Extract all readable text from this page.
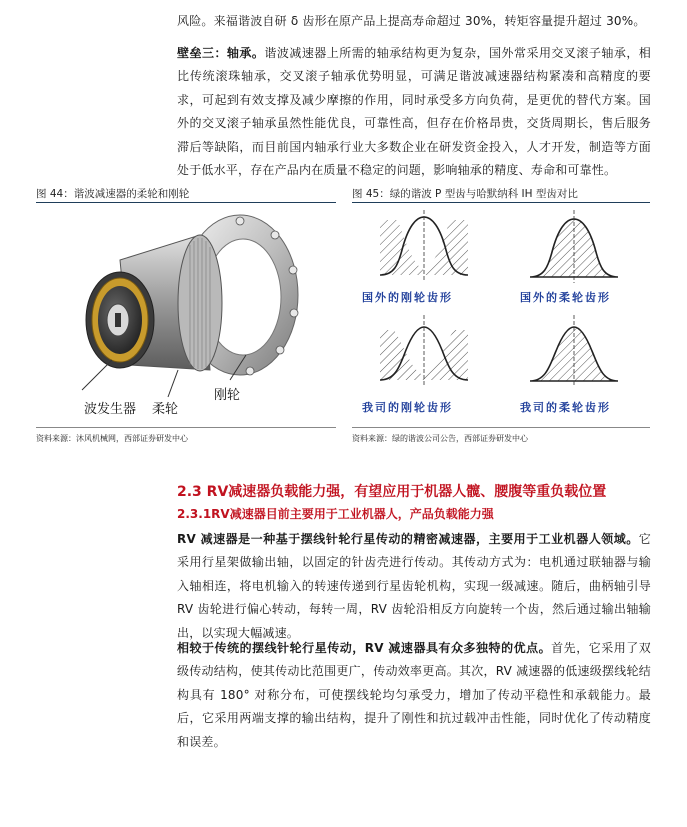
风险。来福谐波自研 δ 齿形在原产品上提高寿命超过 30%，转矩容量提升超过 30%。

壁垒三：轴承。谐波减速器上所需的轴承结构更为复杂，国外常采用交叉滚子轴承，相比传统滚珠轴承，交叉滚子轴承优势明显，可满足谐波减速器结构紧凑和高精度的要求，可起到有效支撑及减少摩擦的作用，同时承受多方向负荷，是更优的替代方案。国外的交叉滚子轴承虽然性能优良，可靠性高，但存在价格昂贵，交货周期长，售后服务滞后等缺陷，而目前国内轴承行业大多数企业在研发资金投入，人才开发，制造等方面处于低水平，存在产品内在质量不稳定的问题，影响轴承的精度、寿命和可靠性。

图 44：谐波减速器的柔轮和刚轮
波发生器 柔轮
刚轮
资料来源：沐风机械网，西部证券研发中心
图 45：绿的谐波 P 型齿与哈默纳科 IH 型齿对比
国外的刚轮齿形	国外的柔轮齿形
我司的刚轮齿形	我司的柔轮齿形
资料来源：绿的谐波公司公告，西部证券研发中心
2.3 RV减速器负载能力强，有望应用于机器人髋、腰腹等重负载位置
2.3.1RV减速器目前主要用于工业机器人，产品负载能力强

RV 减速器是一种基于摆线针轮行星传动的精密减速器，主要用于工业机器人领域。它采用行星架做输出轴，以固定的针齿壳进行传动。其传动方式为：电机通过联轴器与输入轴相连，将电机输入的转速传递到行星齿轮机构，实现一级减速。随后，曲柄轴引导 RV 齿轮进行偏心转动，每转一周，RV 齿轮沿相反方向旋转一个齿，然后通过输出轴输出，以实现大幅减速。

相较于传统的摆线针轮行星传动，RV 减速器具有众多独特的优点。首先，它采用了双级传动结构，使其传动比范围更广，传动效率更高。其次，RV 减速器的低速级摆线轮结构具有 180° 对称分布，可使摆线轮均匀承受力，增加了传动平稳性和承载能力。最后，它采用两端支撑的输出结构，提升了刚性和抗过载冲击性能，同时优化了传动精度和误差。
